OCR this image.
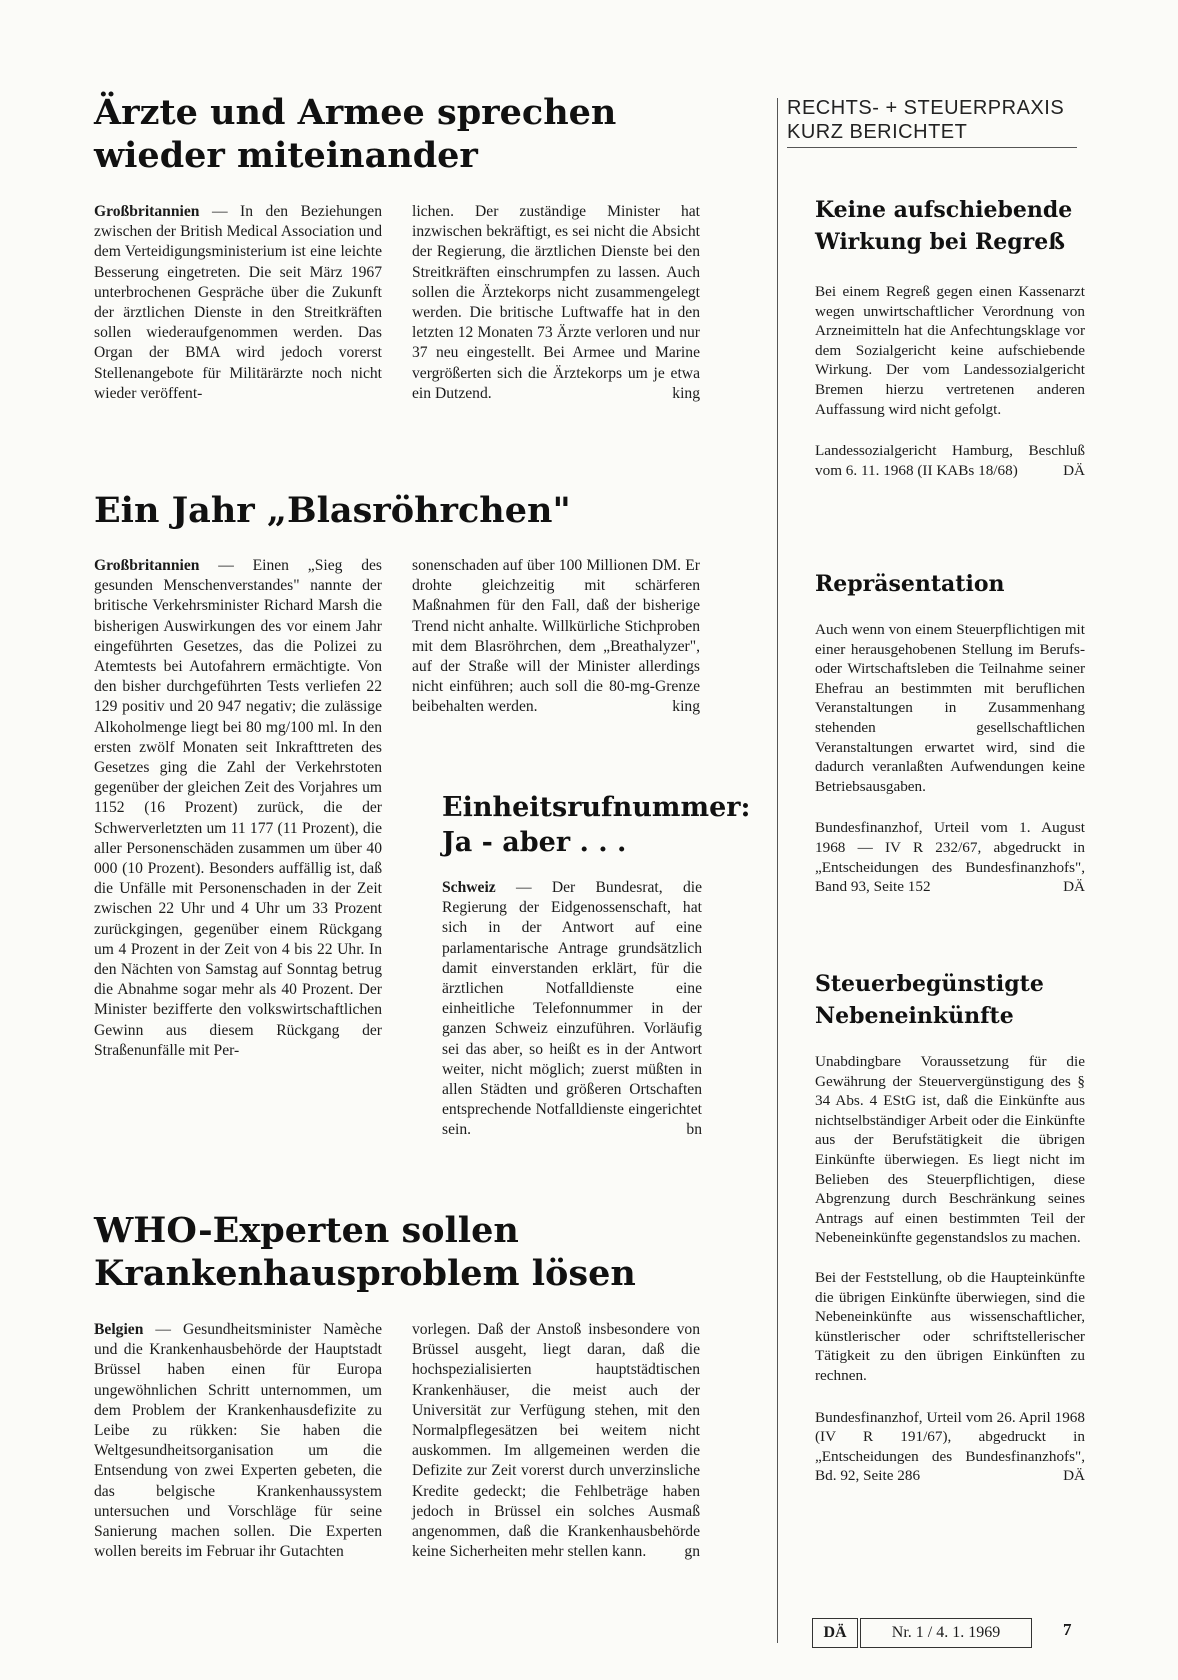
Ärzte und Armee sprechen
wieder miteinander
Großbritannien — In den Beziehungen zwischen der British Medical Association und dem Verteidigungsministerium ist eine leichte Besserung eingetreten. Die seit März 1967 unterbrochenen Gespräche über die Zukunft der ärztlichen Dienste in den Streitkräften sollen wiederaufgenommen werden. Das Organ der BMA wird jedoch vorerst Stellenangebote für Militärärzte noch nicht wieder veröffent-
lichen. Der zuständige Minister hat inzwischen bekräftigt, es sei nicht die Absicht der Regierung, die ärztlichen Dienste bei den Streitkräften einschrumpfen zu lassen. Auch sollen die Ärztekorps nicht zusammengelegt werden. Die britische Luftwaffe hat in den letzten 12 Monaten 73 Ärzte verloren und nur 37 neu eingestellt. Bei Armee und Marine vergrößerten sich die Ärztekorps um je etwa ein Dutzend.	king
Ein Jahr „Blasröhrchen"
Großbritannien — Einen „Sieg des gesunden Menschenverstandes" nannte der britische Verkehrsminister Richard Marsh die bisherigen Auswirkungen des vor einem Jahr eingeführten Gesetzes, das die Polizei zu Atemtests bei Autofahrern ermächtigte. Von den bisher durchgeführten Tests verliefen 22 129 positiv und 20 947 negativ; die zulässige Alkoholmenge liegt bei 80 mg/100 ml. In den ersten zwölf Monaten seit Inkrafttreten des Gesetzes ging die Zahl der Verkehrstoten gegenüber der gleichen Zeit des Vorjahres um 1152 (16 Prozent) zurück, die der Schwerverletzten um 11 177 (11 Prozent), die aller Personenschäden zusammen um über 40 000 (10 Prozent). Besonders auffällig ist, daß die Unfälle mit Personenschaden in der Zeit zwischen 22 Uhr und 4 Uhr um 33 Prozent zurückgingen, gegenüber einem Rückgang um 4 Prozent in der Zeit von 4 bis 22 Uhr. In den Nächten von Samstag auf Sonntag betrug die Abnahme sogar mehr als 40 Prozent. Der Minister bezifferte den volkswirtschaftlichen Gewinn aus diesem Rückgang der Straßenunfälle mit Per-
sonenschaden auf über 100 Millionen DM. Er drohte gleichzeitig mit schärferen Maßnahmen für den Fall, daß der bisherige Trend nicht anhalte. Willkürliche Stichproben mit dem Blasröhrchen, dem „Breathalyzer", auf der Straße will der Minister allerdings nicht einführen; auch soll die 80-mg-Grenze beibehalten werden.	king
Einheitsrufnummer:
Ja - aber . . .
Schweiz — Der Bundesrat, die Regierung der Eidgenossenschaft, hat sich in der Antwort auf eine parlamentarische Antrage grundsätzlich damit einverstanden erklärt, für die ärztlichen Notfalldienste eine einheitliche Telefonnummer in der ganzen Schweiz einzuführen. Vorläufig sei das aber, so heißt es in der Antwort weiter, nicht möglich; zuerst müßten in allen Städten und größeren Ortschaften entsprechende Notfalldienste eingerichtet sein.	bn
WHO-Experten sollen
Krankenhausproblem lösen
Belgien — Gesundheitsminister Namèche und die Krankenhausbehörde der Hauptstadt Brüssel haben einen für Europa ungewöhnlichen Schritt unternommen, um dem Problem der Krankenhausdefizite zu Leibe zu rükken: Sie haben die Weltgesundheitsorganisation um die Entsendung von zwei Experten gebeten, die das belgische Krankenhaussystem untersuchen und Vorschläge für seine Sanierung machen sollen. Die Experten wollen bereits im Februar ihr Gutachten
vorlegen. Daß der Anstoß insbesondere von Brüssel ausgeht, liegt daran, daß die hochspezialisierten hauptstädtischen Krankenhäuser, die meist auch der Universität zur Verfügung stehen, mit den Normalpflegesätzen bei weitem nicht auskommen. Im allgemeinen werden die Defizite zur Zeit vorerst durch unverzinsliche Kredite gedeckt; die Fehlbeträge haben jedoch in Brüssel ein solches Ausmaß angenommen, daß die Krankenhausbehörde keine Sicherheiten mehr stellen kann. gn
RECHTS- + STEUERPRAXIS
KURZ BERICHTET
Keine aufschiebende
Wirkung bei Regreß

Bei einem Regreß gegen einen Kassenarzt wegen unwirtschaftlicher Verordnung von Arzneimitteln hat die Anfechtungsklage vor dem Sozialgericht keine aufschiebende Wirkung. Der vom Landessozialgericht Bremen hierzu vertretenen anderen Auffassung wird nicht gefolgt.

Landessozialgericht Hamburg, Beschluß vom 6. 11. 1968 (II KABs 18/68)	DÄ

Repräsentation

Auch wenn von einem Steuerpflichtigen mit einer herausgehobenen Stellung im Berufs- oder Wirtschaftsleben die Teilnahme seiner Ehefrau an bestimmten mit beruflichen Veranstaltungen in Zusammenhang stehenden gesellschaftlichen Veranstaltungen erwartet wird, sind die dadurch veranlaßten Aufwendungen keine Betriebsausgaben.

Bundesfinanzhof, Urteil vom 1. August 1968 — IV R 232/67, abgedruckt in „Entscheidungen des Bundesfinanzhofs", Band 93, Seite 152	DÄ

Steuerbegünstigte
Nebeneinkünfte

Unabdingbare Voraussetzung für die Gewährung der Steuervergünstigung des § 34 Abs. 4 EStG ist, daß die Einkünfte aus nichtselbständiger Arbeit oder die Einkünfte aus der Berufstätigkeit die übrigen Einkünfte überwiegen. Es liegt nicht im Belieben des Steuerpflichtigen, diese Abgrenzung durch Beschränkung seines Antrags auf einen bestimmten Teil der Nebeneinkünfte gegenstandslos zu machen.

Bei der Feststellung, ob die Haupteinkünfte die übrigen Einkünfte überwiegen, sind die Nebeneinkünfte aus wissenschaftlicher, künstlerischer oder schriftstellerischer Tätigkeit zu den übrigen Einkünften zu rechnen.

Bundesfinanzhof, Urteil vom 26. April 1968 (IV R 191/67), abgedruckt in „Entscheidungen des Bundesfinanzhofs", Bd. 92, Seite 286	DÄ

DÄ	Nr. 1 / 4. 1. 1969	7
